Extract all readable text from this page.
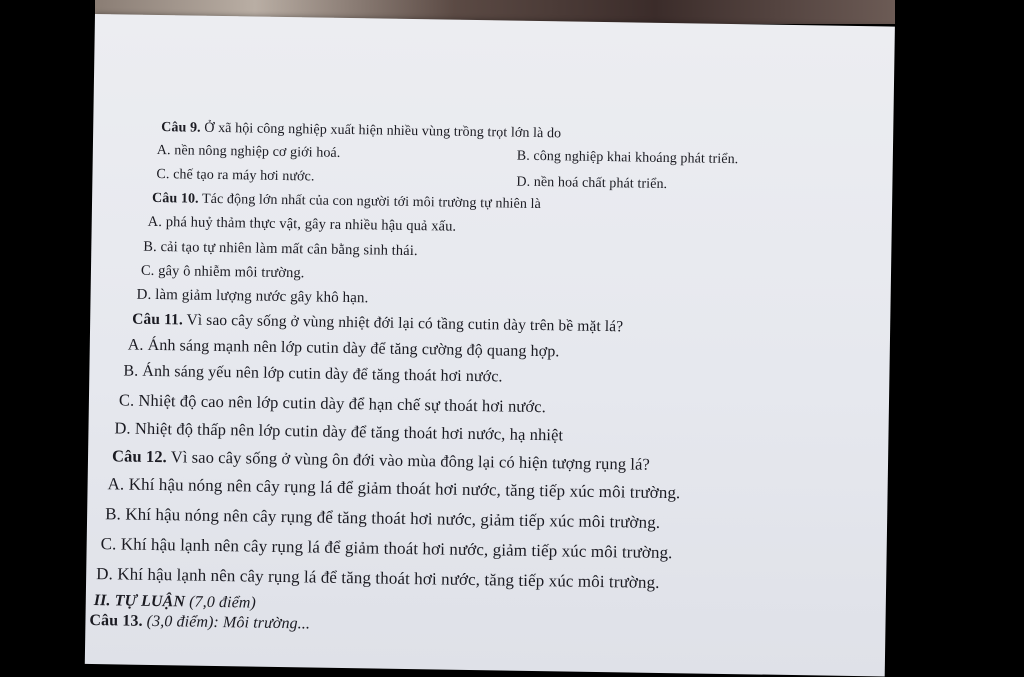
Câu 9. Ở xã hội công nghiệp xuất hiện nhiều vùng trồng trọt lớn là do
A. nền nông nghiệp cơ giới hoá.	B. công nghiệp khai khoáng phát triển.
C. chế tạo ra máy hơi nước.	D. nền hoá chất phát triển.
Câu 10. Tác động lớn nhất của con người tới môi trường tự nhiên là
A. phá huỷ thảm thực vật, gây ra nhiều hậu quả xấu.
B. cải tạo tự nhiên làm mất cân bằng sinh thái.
C. gây ô nhiễm môi trường.
D. làm giảm lượng nước gây khô hạn.
Câu 11. Vì sao cây sống ở vùng nhiệt đới lại có tầng cutin dày trên bề mặt lá?
A. Ánh sáng mạnh nên lớp cutin dày để tăng cường độ quang hợp.
B. Ánh sáng yếu nên lớp cutin dày để tăng thoát hơi nước.
C. Nhiệt độ cao nên lớp cutin dày để hạn chế sự thoát hơi nước.
D. Nhiệt độ thấp nên lớp cutin dày để tăng thoát hơi nước, hạ nhiệt
Câu 12. Vì sao cây sống ở vùng ôn đới vào mùa đông lại có hiện tượng rụng lá?
A. Khí hậu nóng nên cây rụng lá để giảm thoát hơi nước, tăng tiếp xúc môi trường.
B. Khí hậu nóng nên cây rụng để tăng thoát hơi nước, giảm tiếp xúc môi trường.
C. Khí hậu lạnh nên cây rụng lá để giảm thoát hơi nước, giảm tiếp xúc môi trường.
D. Khí hậu lạnh nên cây rụng lá để tăng thoát hơi nước, tăng tiếp xúc môi trường.
II. TỰ LUẬN (7,0 điểm)
Câu 13. (3,0 điểm): Môi trường...
